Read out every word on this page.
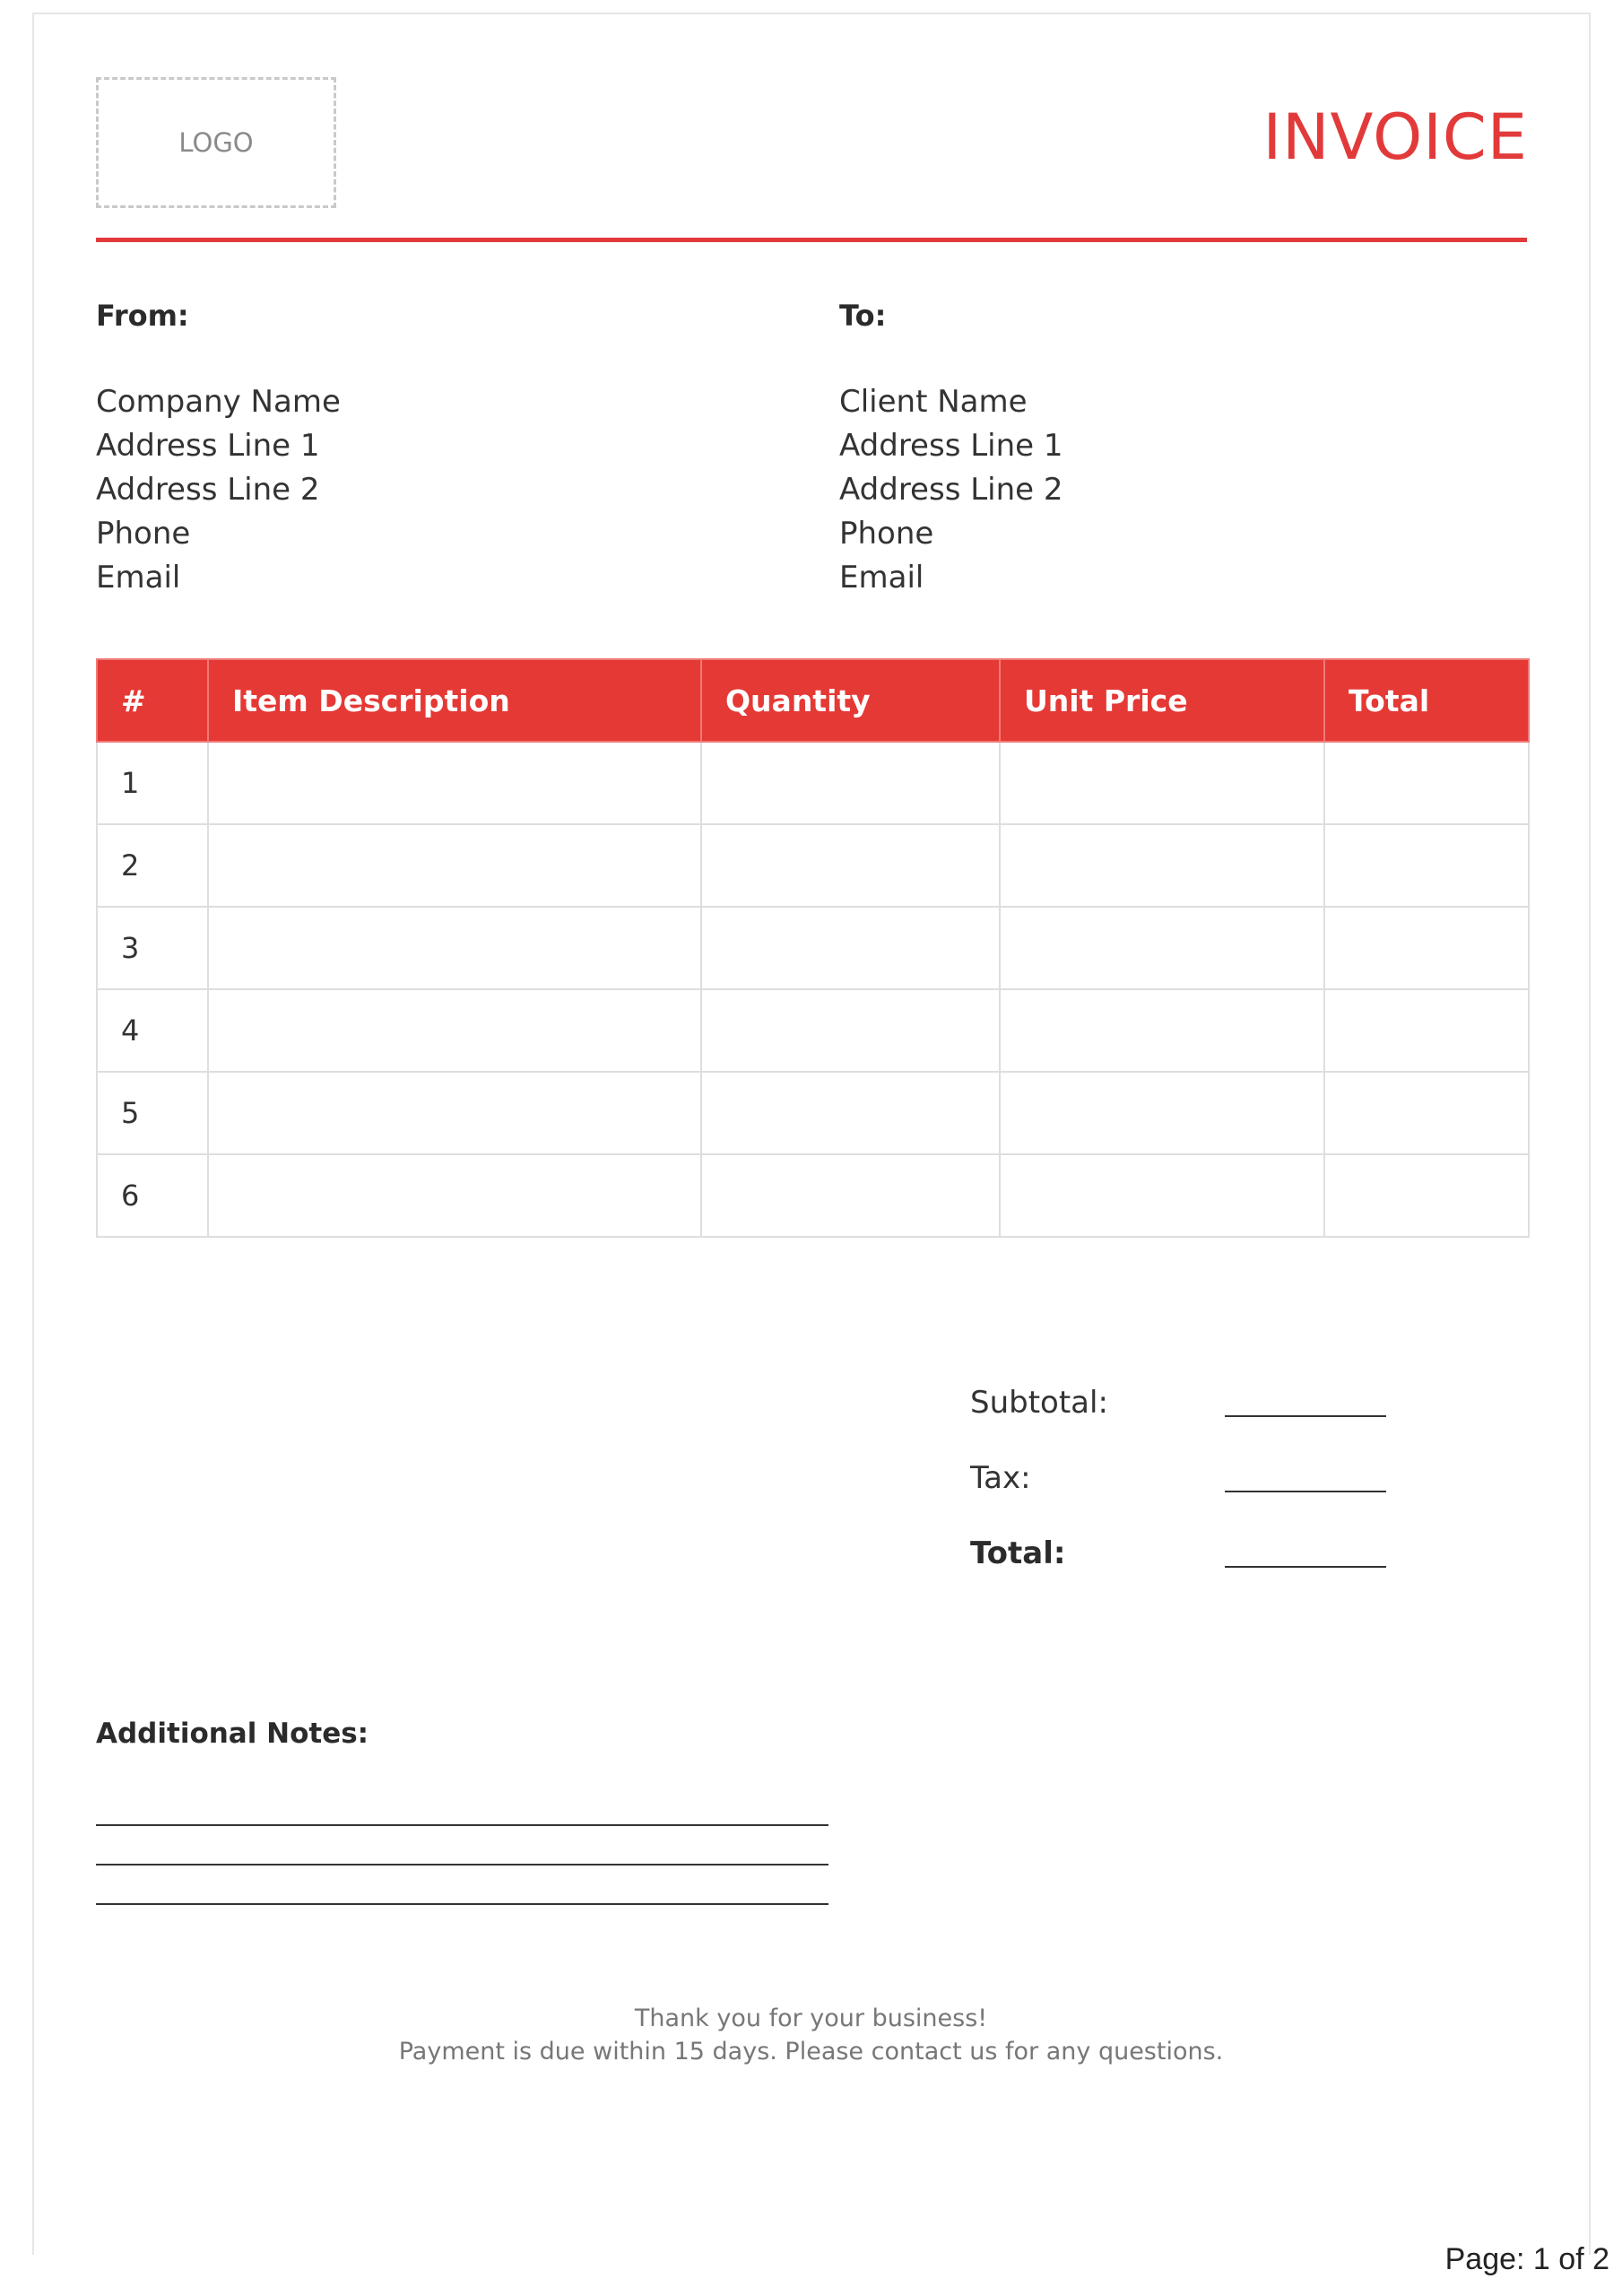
LOGO	INVOICE
From:
Company Name
Address Line 1
Address Line 2
Phone
Email
To:
Client Name
Address Line 1
Address Line 2
Phone
Email
#	Item Description	Quantity	Unit Price	Total
1				
2				
3				
4				
5				
6				
Subtotal:
Tax:
Total:
Additional Notes:
Thank you for your business!
Payment is due within 15 days. Please contact us for any questions.
Page: 1 of 2
